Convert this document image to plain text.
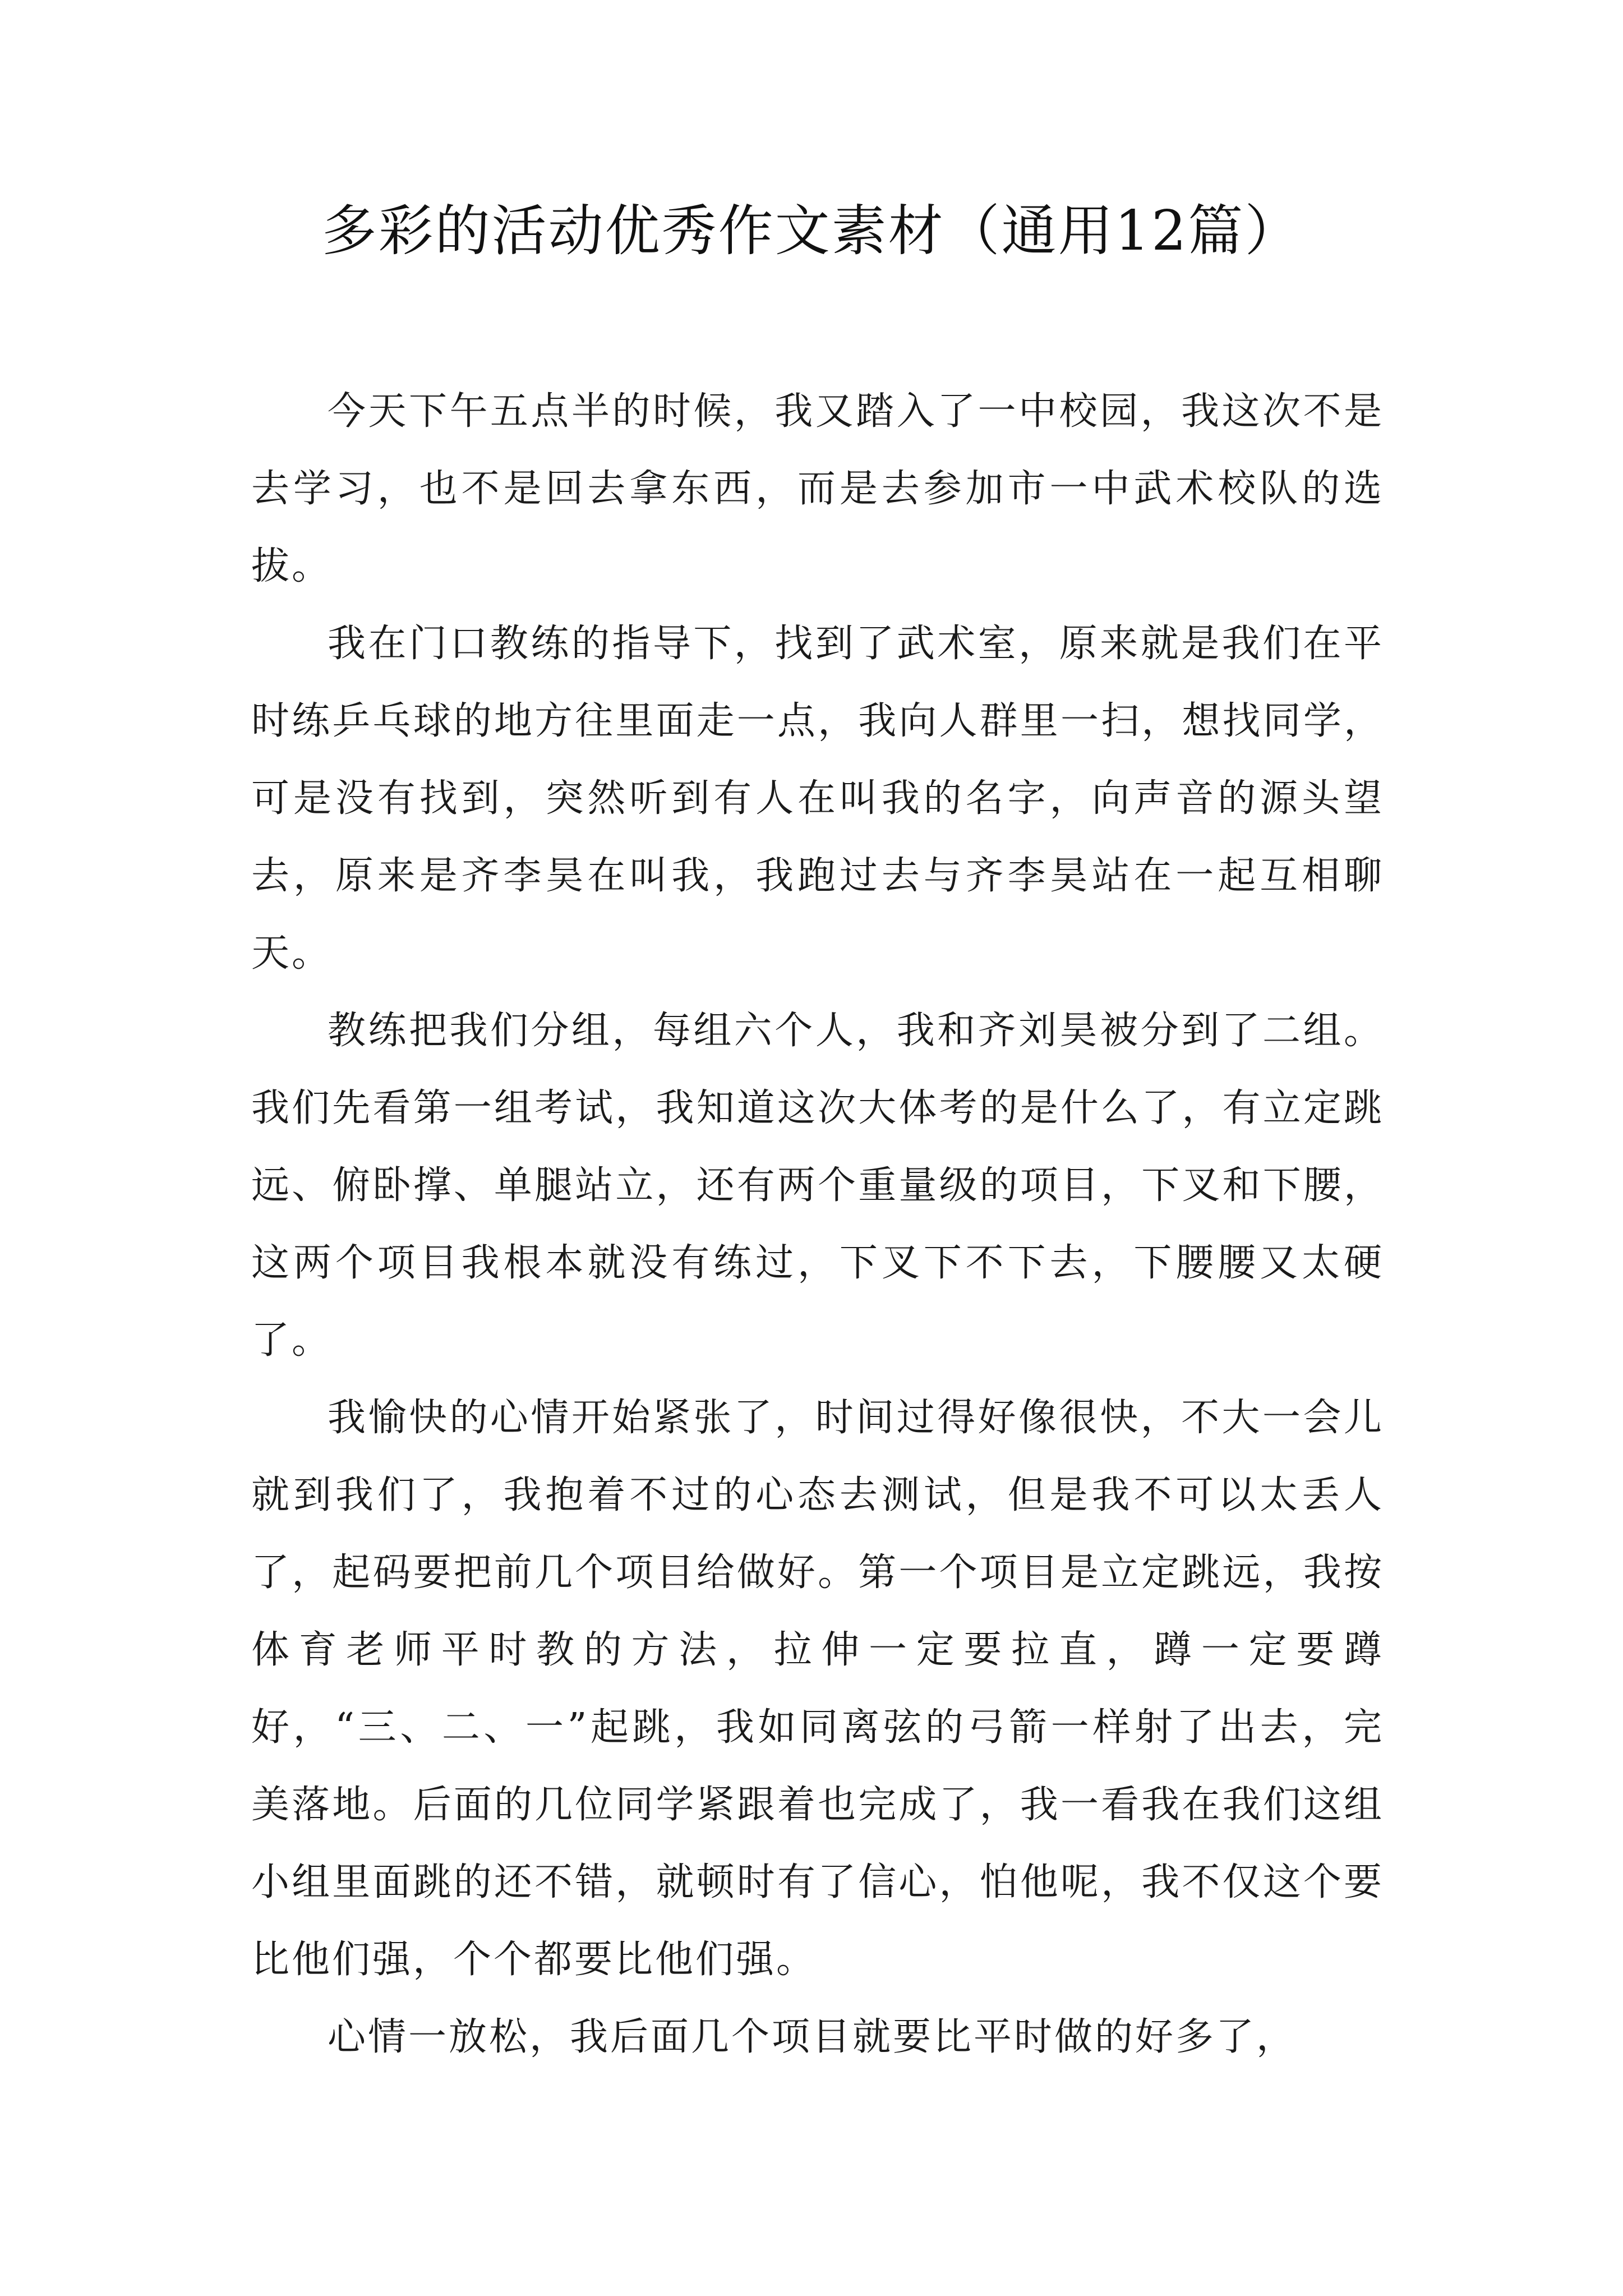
多彩的活动优秀作文素材（通用12篇）

今天下午五点半的时候，我又踏入了一中校园，我这次不是去学习，也不是回去拿东西，而是去参加市一中武术校队的选拔。

我在门口教练的指导下，找到了武术室，原来就是我们在平时练乒乓球的地方往里面走一点，我向人群里一扫，想找同学，可是没有找到，突然听到有人在叫我的名字，向声音的源头望去，原来是齐李昊在叫我，我跑过去与齐李昊站在一起互相聊天。

教练把我们分组，每组六个人，我和齐刘昊被分到了二组。我们先看第一组考试，我知道这次大体考的是什么了，有立定跳远、俯卧撑、单腿站立，还有两个重量级的项目，下叉和下腰，这两个项目我根本就没有练过，下叉下不下去，下腰腰又太硬了。

我愉快的心情开始紧张了，时间过得好像很快，不大一会儿就到我们了，我抱着不过的心态去测试，但是我不可以太丢人了，起码要把前几个项目给做好。第一个项目是立定跳远，我按体育老师平时教的方法，拉伸一定要拉直，蹲一定要蹲好，“三、二、一”起跳，我如同离弦的弓箭一样射了出去，完美落地。后面的几位同学紧跟着也完成了，我一看我在我们这组小组里面跳的还不错，就顿时有了信心，怕他呢，我不仅这个要比他们强，个个都要比他们强。

心情一放松，我后面几个项目就要比平时做的好多了，
